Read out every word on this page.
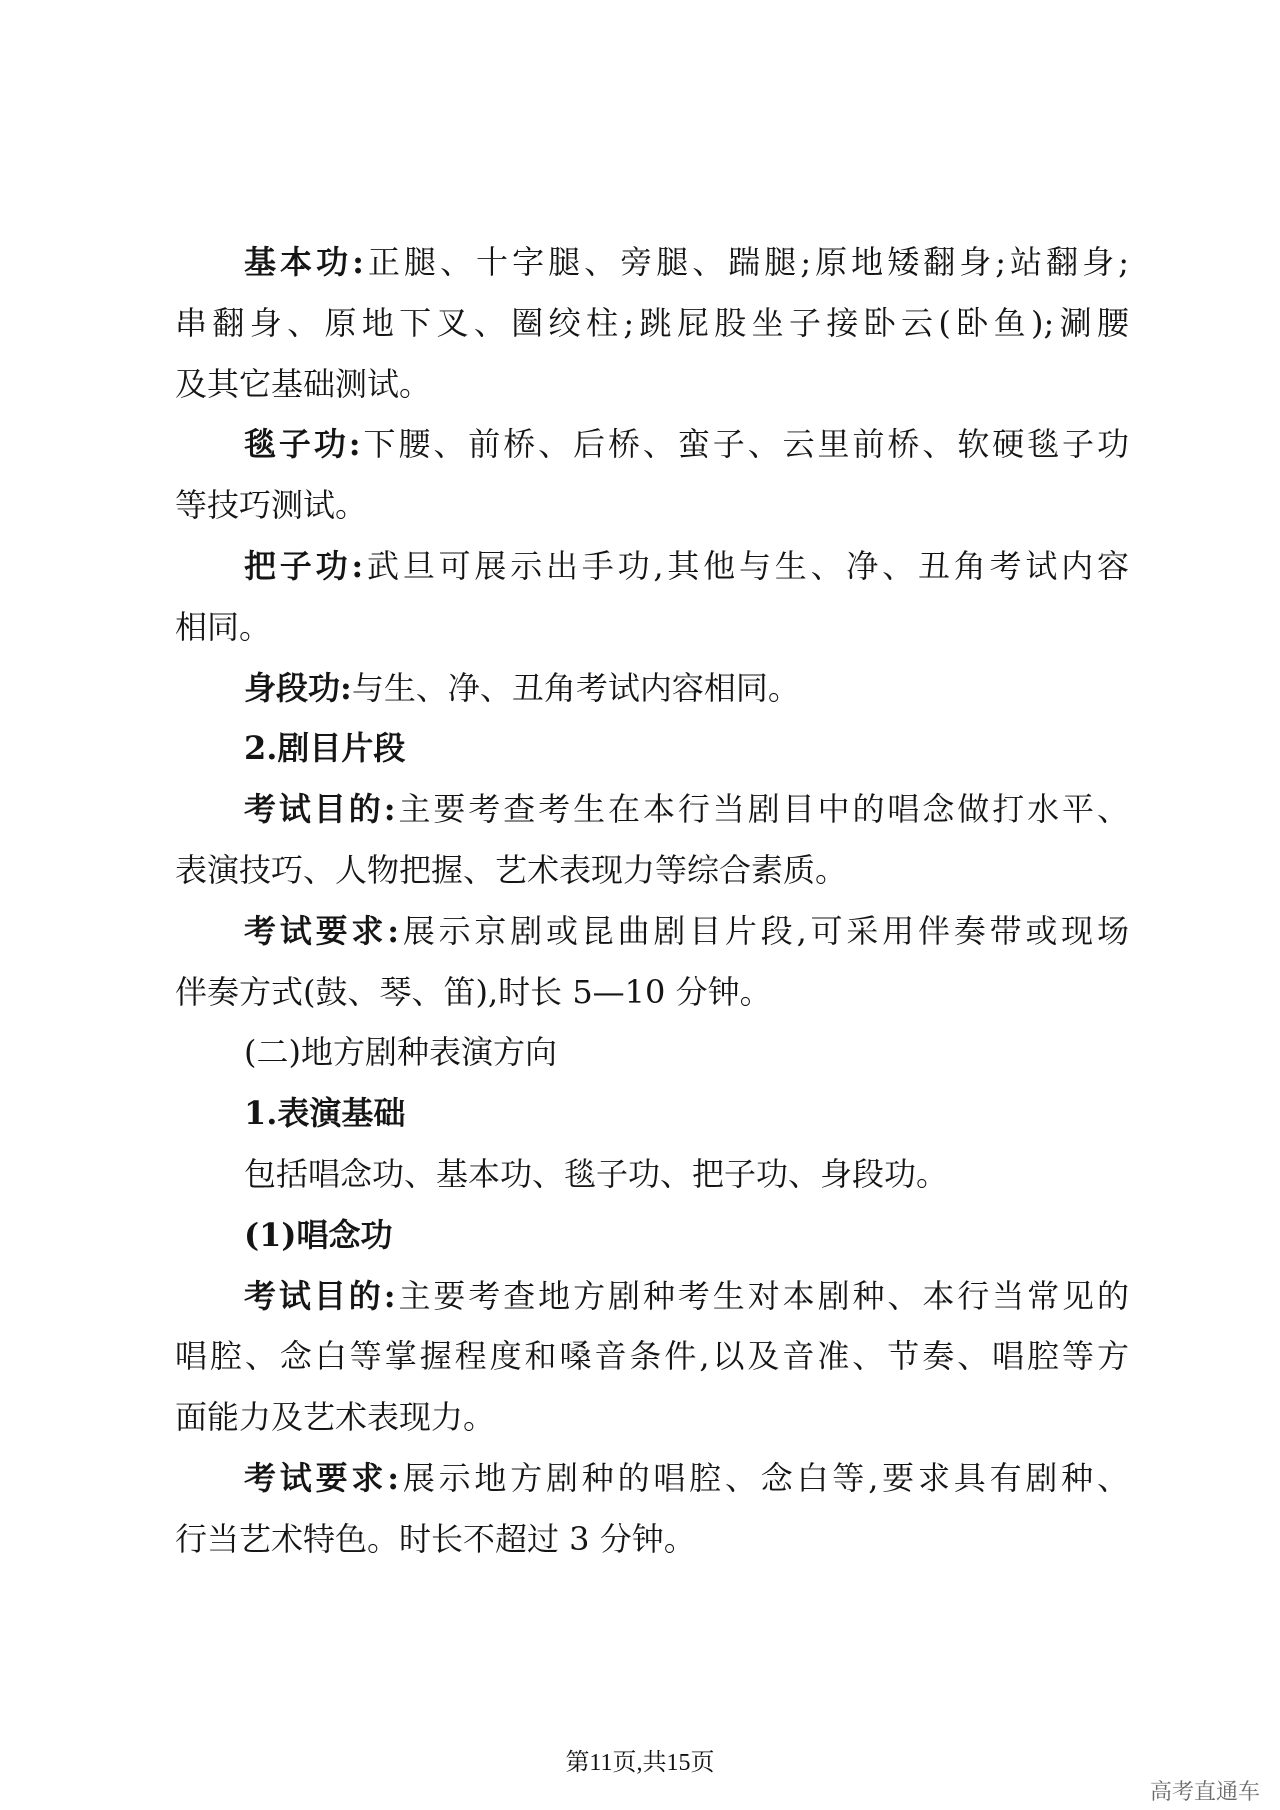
基本功:正腿、十字腿、旁腿、踹腿;原地矮翻身;站翻身;
串翻身、原地下叉、圈绞柱;跳屁股坐子接卧云(卧鱼);涮腰
及其它基础测试。
毯子功:下腰、前桥、后桥、蛮子、云里前桥、软硬毯子功
等技巧测试。
把子功:武旦可展示出手功,其他与生、净、丑角考试内容
相同。
身段功:与生、净、丑角考试内容相同。
2.剧目片段
考试目的:主要考查考生在本行当剧目中的唱念做打水平、
表演技巧、人物把握、艺术表现力等综合素质。
考试要求:展示京剧或昆曲剧目片段,可采用伴奏带或现场
伴奏方式(鼓、琴、笛),时长 5—10 分钟。
(二)地方剧种表演方向
1.表演基础
包括唱念功、基本功、毯子功、把子功、身段功。
(1)唱念功
考试目的:主要考查地方剧种考生对本剧种、本行当常见的
唱腔、念白等掌握程度和嗓音条件,以及音准、节奏、唱腔等方
面能力及艺术表现力。
考试要求:展示地方剧种的唱腔、念白等,要求具有剧种、
行当艺术特色。时长不超过 3 分钟。
第11页,共15页
高考直通车
